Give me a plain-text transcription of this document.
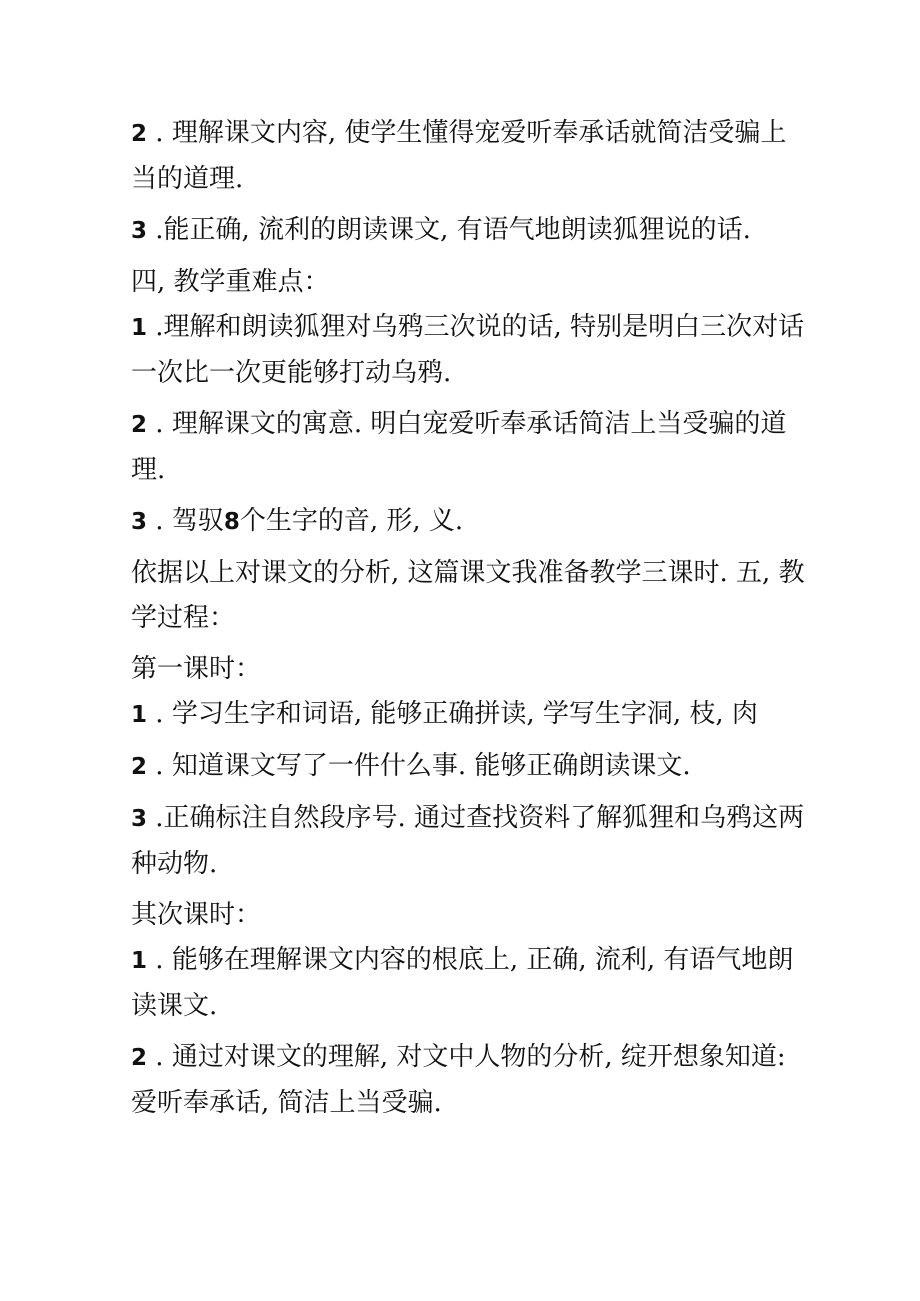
2 . 理解课文内容, 使学生懂得宠爱听奉承话就简洁受骗上当的道理.

3 .能正确, 流利的朗读课文, 有语气地朗读狐狸说的话.

四, 教学重难点：

1 .理解和朗读狐狸对乌鸦三次说的话, 特别是明白三次对话一次比一次更能够打动乌鸦.

2 . 理解课文的寓意. 明白宠爱听奉承话简洁上当受骗的道理.

3 . 驾驭8个生字的音, 形, 义.

依据以上对课文的分析, 这篇课文我准备教学三课时. 五, 教学过程：

第一课时：

1 . 学习生字和词语, 能够正确拼读, 学写生字洞, 枝, 肉

2 . 知道课文写了一件什么事. 能够正确朗读课文.

3 .正确标注自然段序号. 通过查找资料了解狐狸和乌鸦这两种动物.

其次课时：

1 . 能够在理解课文内容的根底上, 正确, 流利, 有语气地朗读课文.

2 . 通过对课文的理解, 对文中人物的分析, 绽开想象知道: 爱听奉承话, 简洁上当受骗.
